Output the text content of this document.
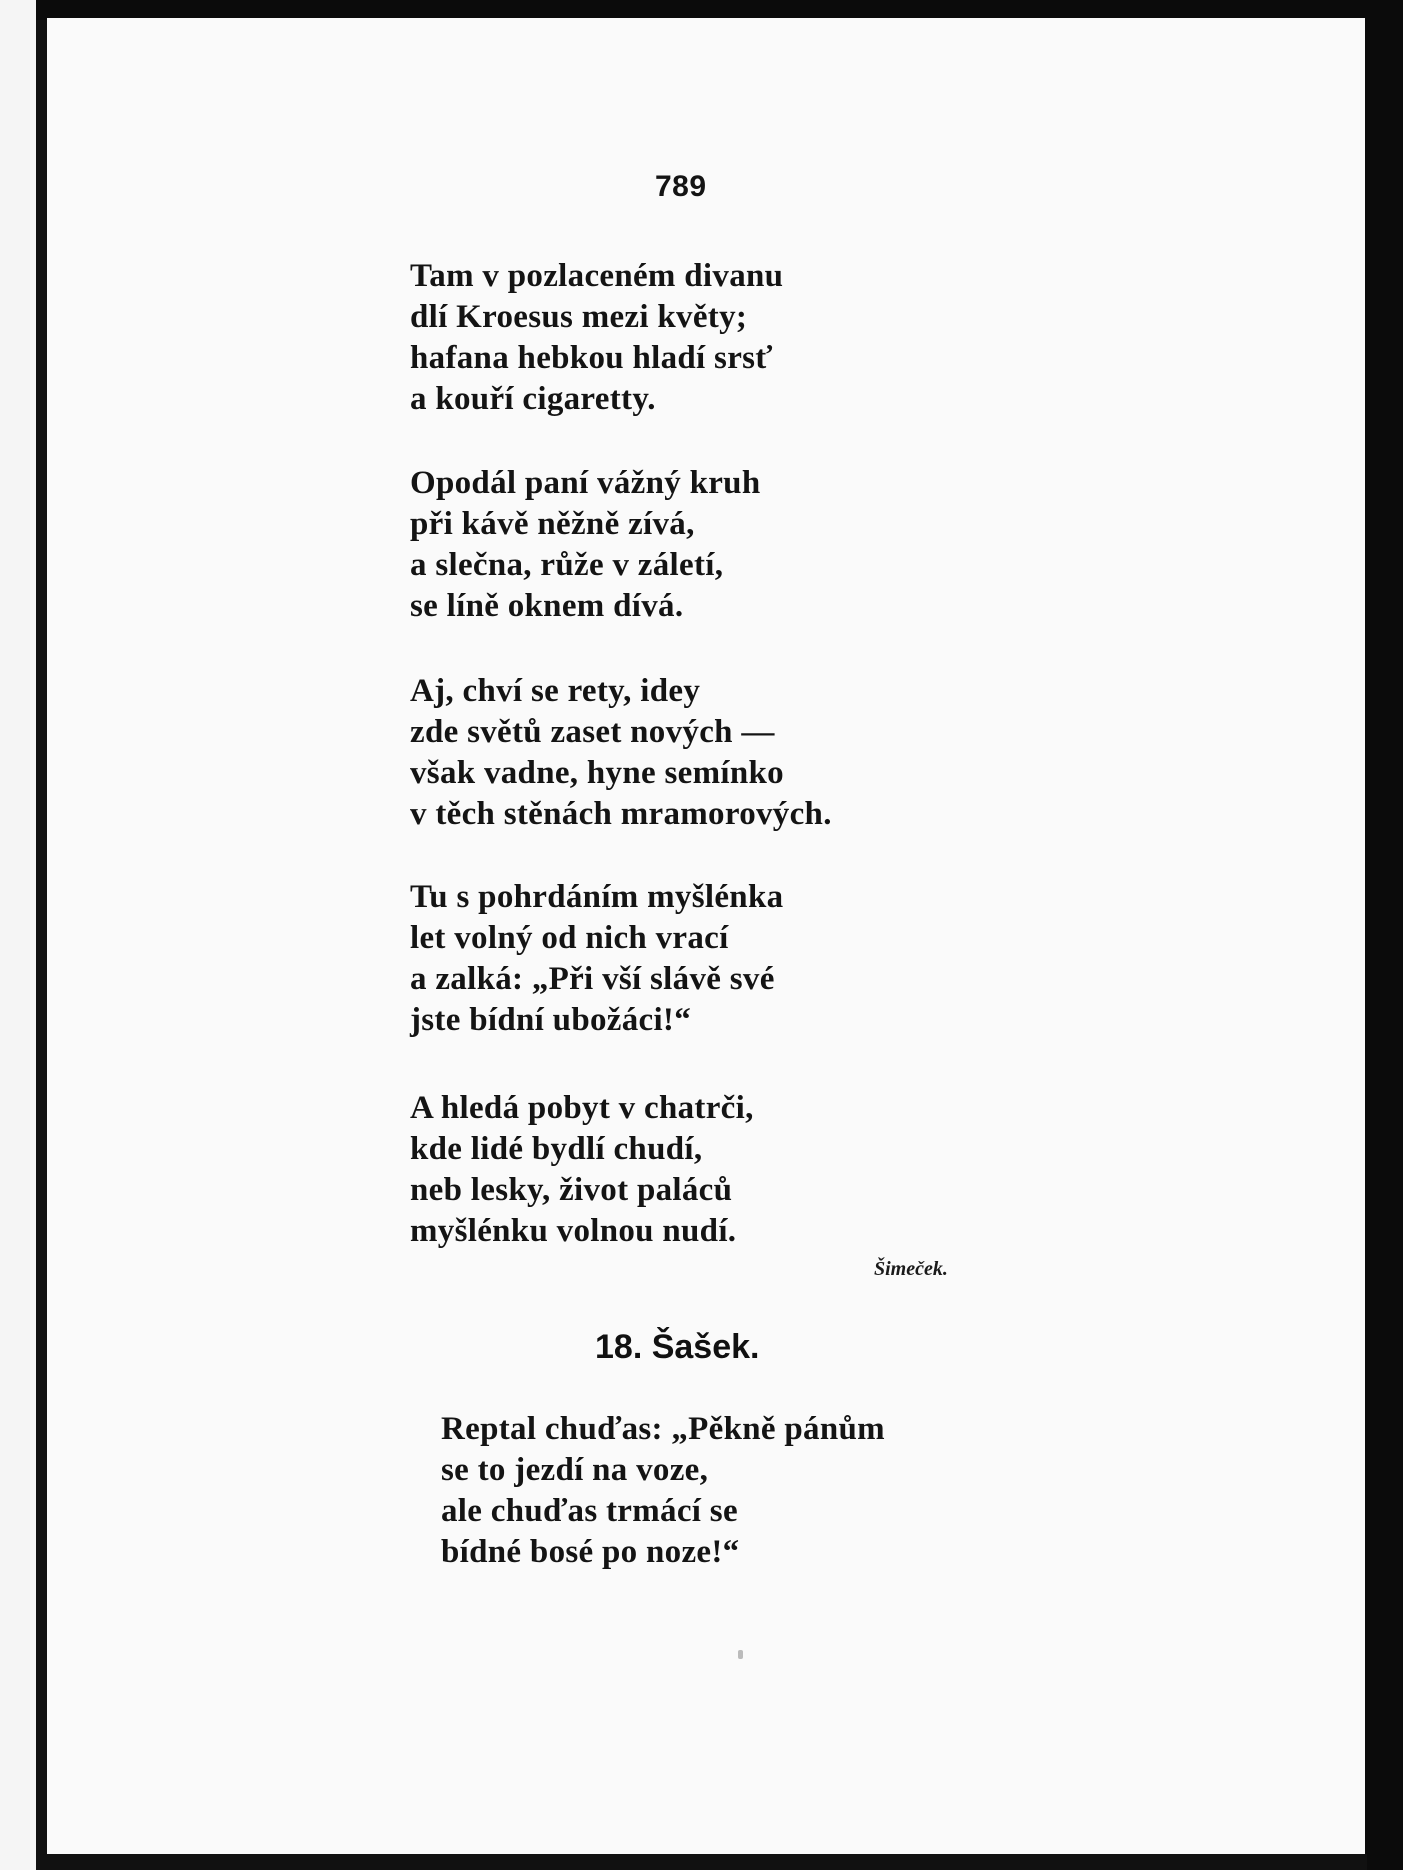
789
Tam v pozlaceném divanu
dlí Kroesus mezi květy;
hafana hebkou hladí srsť
a kouří cigaretty.
Opodál paní vážný kruh
při kávě něžně zívá,
a slečna, růže v záletí,
se líně oknem dívá.
Aj, chví se rety, idey
zde světů zaset nových —
však vadne, hyne semínko
v těch stěnách mramorových.
Tu s pohrdáním myšlénka
let volný od nich vrací
a zalká: „Při vší slávě své
jste bídní ubožáci!“
A hledá pobyt v chatrči,
kde lidé bydlí chudí,
neb lesky, život paláců
myšlénku volnou nudí.
Šimeček.
18. Šašek.
Reptal chuďas: „Pěkně pánům
se to jezdí na voze,
ale chuďas trmácí se
bídné bosé po noze!“
